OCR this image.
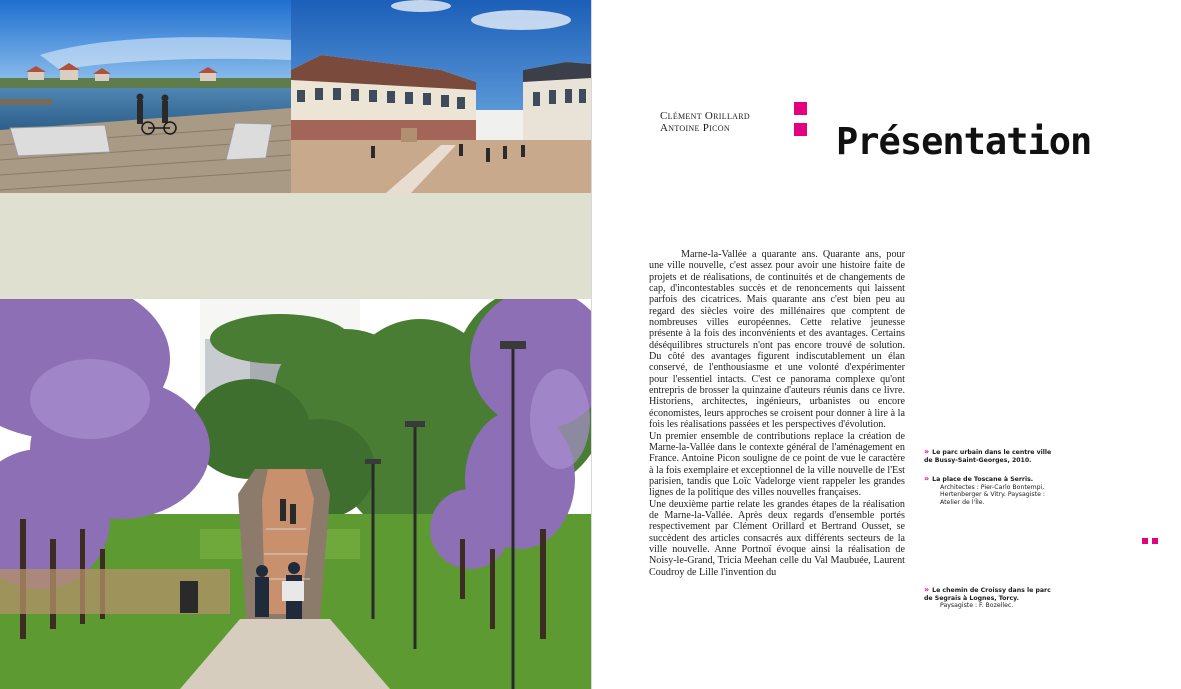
Clément Orillard
Antoine Picon	Présentation

Marne-la-Vallée a quarante ans. Quarante ans, pour une ville nouvelle, c'est assez pour avoir une histoire faite de projets et de réalisations, de continuités et de changements de cap, d'incontestables succès et de renoncements qui laissent parfois des cicatrices. Mais quarante ans c'est bien peu au regard des siècles voire des millénaires que comptent de nombreuses villes européennes. Cette relative jeunesse présente à la fois des inconvénients et des avantages. Certains déséquilibres structurels n'ont pas encore trouvé de solution. Du côté des avantages figurent indiscutablement un élan conservé, de l'enthousiasme et une volonté d'expérimenter pour l'essentiel intacts. C'est ce panorama complexe qu'ont entrepris de brosser la quinzaine d'auteurs réunis dans ce livre. Historiens, architectes, ingénieurs, urbanistes ou encore économistes, leurs approches se croisent pour donner à lire à la fois les réalisations passées et les perspectives d'évolution.

Un premier ensemble de contributions replace la création de Marne-la-Vallée dans le contexte général de l'aménagement en France. Antoine Picon souligne de ce point de vue le caractère à la fois exemplaire et exceptionnel de la ville nouvelle de l'Est parisien, tandis que Loïc Vadelorge vient rappeler les grandes lignes de la politique des villes nouvelles françaises.

Une deuxième partie relate les grandes étapes de la réalisation de Marne-la-Vallée. Après deux regards d'ensemble portés respectivement par Clément Orillard et Bertrand Ousset, se succèdent des articles consacrés aux différents secteurs de la ville nouvelle. Anne Portnoï évoque ainsi la réalisation de Noisy-le-Grand, Tricia Meehan celle du Val Maubuée, Laurent Coudroy de Lille l'invention du

» Le parc urbain dans le centre ville de Bussy-Saint-Georges, 2010.
» La place de Toscane à Serris.
Architectes : Pier-Carlo Bontempi, Hertenberger & Vitry. Paysagiste : Atelier de l'Île.
» Le chemin de Croissy dans le parc de Segrais à Lognes, Torcy.
Paysagiste : F. Bozellec.
